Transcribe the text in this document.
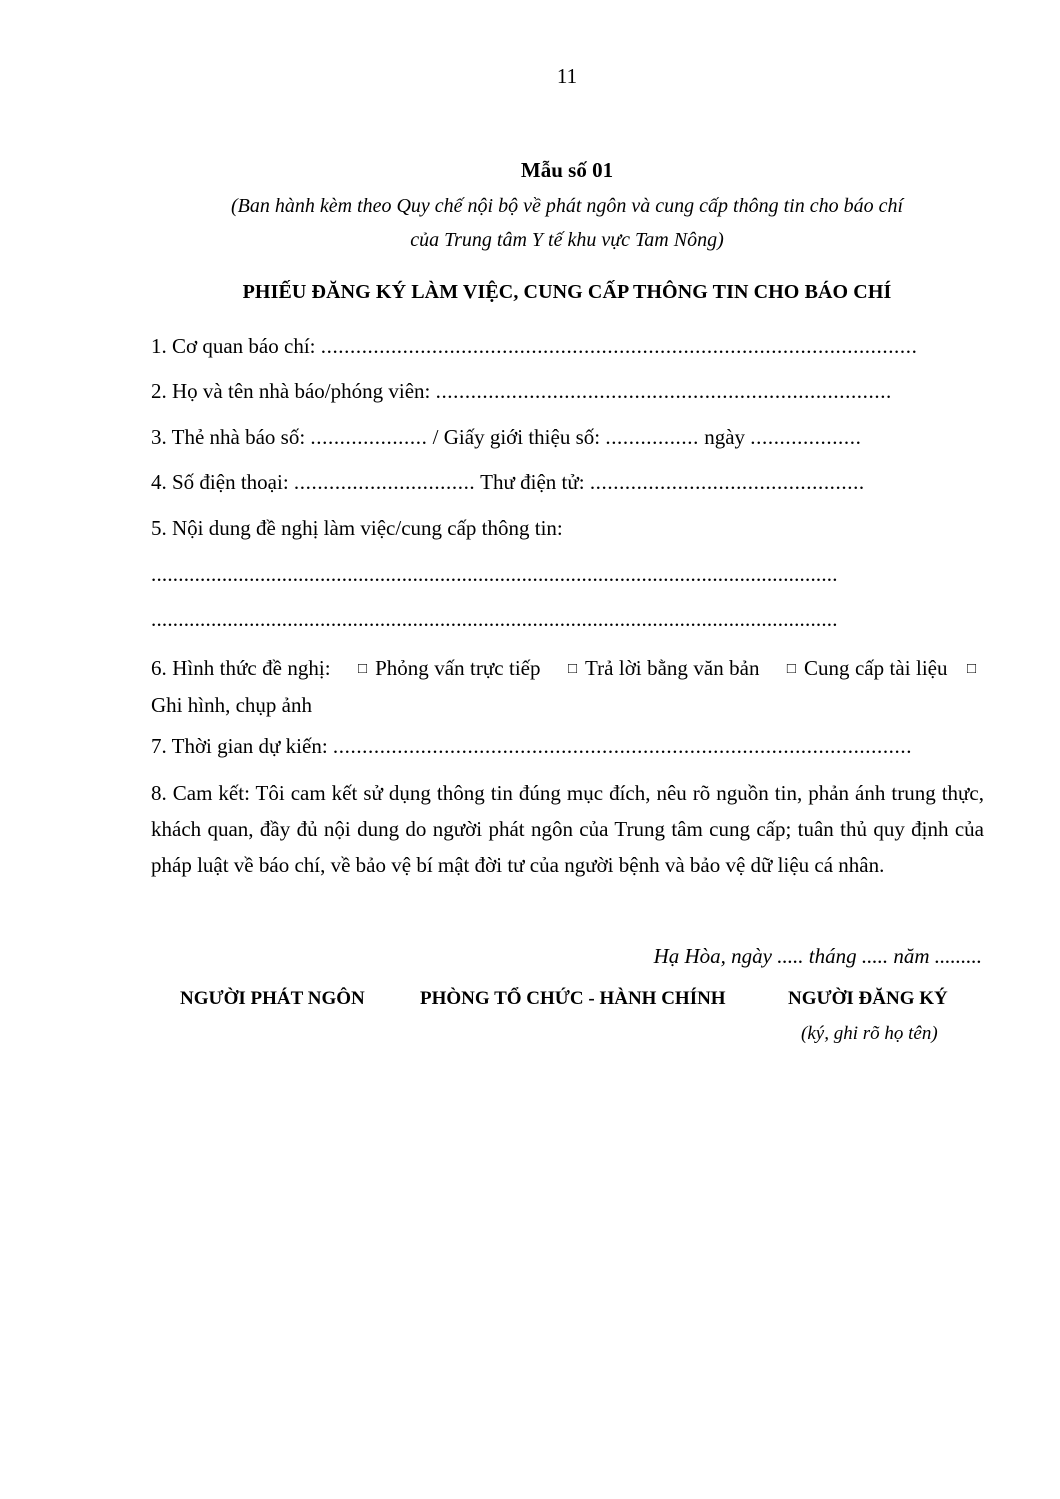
11
Mẫu số 01
(Ban hành kèm theo Quy chế nội bộ về phát ngôn và cung cấp thông tin cho báo chí
của Trung tâm Y tế khu vực Tam Nông)
PHIẾU ĐĂNG KÝ LÀM VIỆC, CUNG CẤP THÔNG TIN CHO BÁO CHÍ
1. Cơ quan báo chí: ......................................................................................................
2. Họ và tên nhà báo/phóng viên: ..............................................................................
3. Thẻ nhà báo số: .................... / Giấy giới thiệu số: ................ ngày ...................
4. Số điện thoại: ............................... Thư điện tử: ...............................................
5. Nội dung đề nghị làm việc/cung cấp thông tin:
..............................................................................................................................
..............................................................................................................................
6. Hình thức đề nghị: □ Phỏng vấn trực tiếp □ Trả lời bằng văn bản □ Cung cấp tài liệu □Ghi hình, chụp ảnh
7. Thời gian dự kiến: ...................................................................................................
8. Cam kết: Tôi cam kết sử dụng thông tin đúng mục đích, nêu rõ nguồn tin, phản ánh trung thực, khách quan, đầy đủ nội dung do người phát ngôn của Trung tâm cung cấp; tuân thủ quy định của pháp luật về báo chí, về bảo vệ bí mật đời tư của người bệnh và bảo vệ dữ liệu cá nhân.
Hạ Hòa, ngày ..... tháng ..... năm .........
NGƯỜI PHÁT NGÔN	PHÒNG TỔ CHỨC - HÀNH CHÍNH	NGƯỜI ĐĂNG KÝ
(ký, ghi rõ họ tên)
